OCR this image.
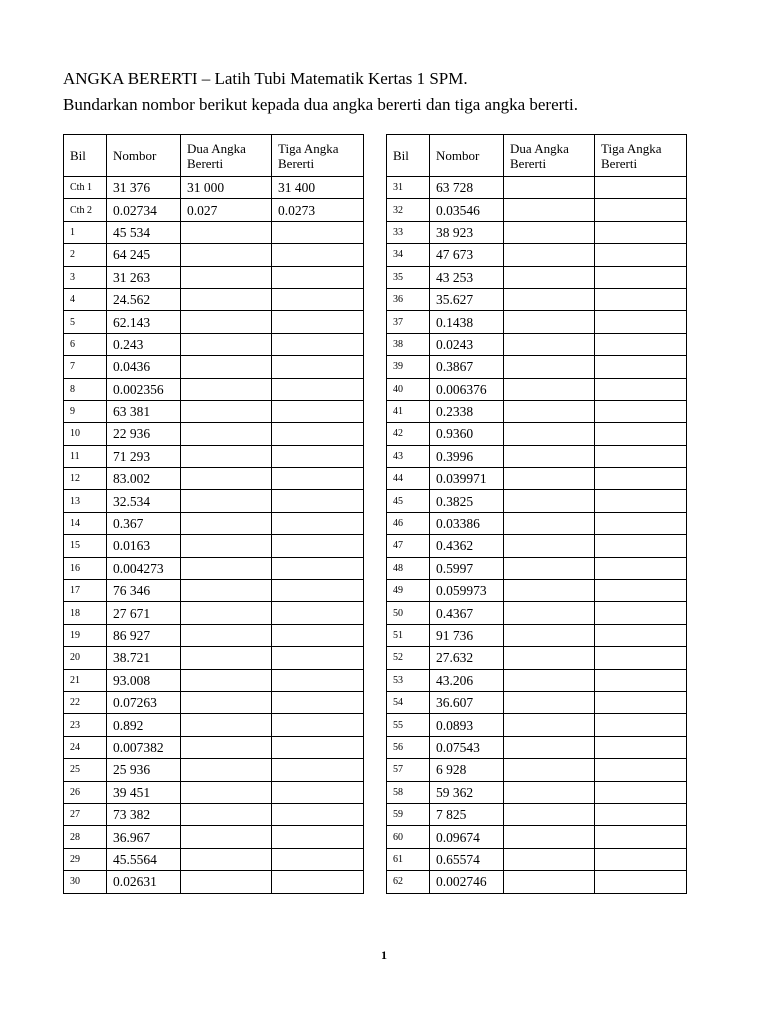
ANGKA BERERTI – Latih Tubi Matematik Kertas 1 SPM.
Bundarkan nombor berikut kepada dua angka bererti dan tiga angka bererti.
Bil	Nombor	Dua Angka Bererti	Tiga Angka Bererti
Cth 1	31 376	31 000	31 400
Cth 2	0.02734	0.027	0.0273
1	45 534		
2	64 245		
3	31 263		
4	24.562		
5	62.143		
6	0.243		
7	0.0436		
8	0.002356		
9	63 381		
10	22 936		
11	71 293		
12	83.002		
13	32.534		
14	0.367		
15	0.0163		
16	0.004273		
17	76 346		
18	27 671		
19	86 927		
20	38.721		
21	93.008		
22	0.07263		
23	0.892		
24	0.007382		
25	25 936		
26	39 451		
27	73 382		
28	36.967		
29	45.5564		
30	0.02631		
Bil	Nombor	Dua Angka Bererti	Tiga Angka Bererti
31	63 728		
32	0.03546		
33	38 923		
34	47 673		
35	43 253		
36	35.627		
37	0.1438		
38	0.0243		
39	0.3867		
40	0.006376		
41	0.2338		
42	0.9360		
43	0.3996		
44	0.039971		
45	0.3825		
46	0.03386		
47	0.4362		
48	0.5997		
49	0.059973		
50	0.4367		
51	91 736		
52	27.632		
53	43.206		
54	36.607		
55	0.0893		
56	0.07543		
57	6 928		
58	59 362		
59	7 825		
60	0.09674		
61	0.65574		
62	0.002746		
1
